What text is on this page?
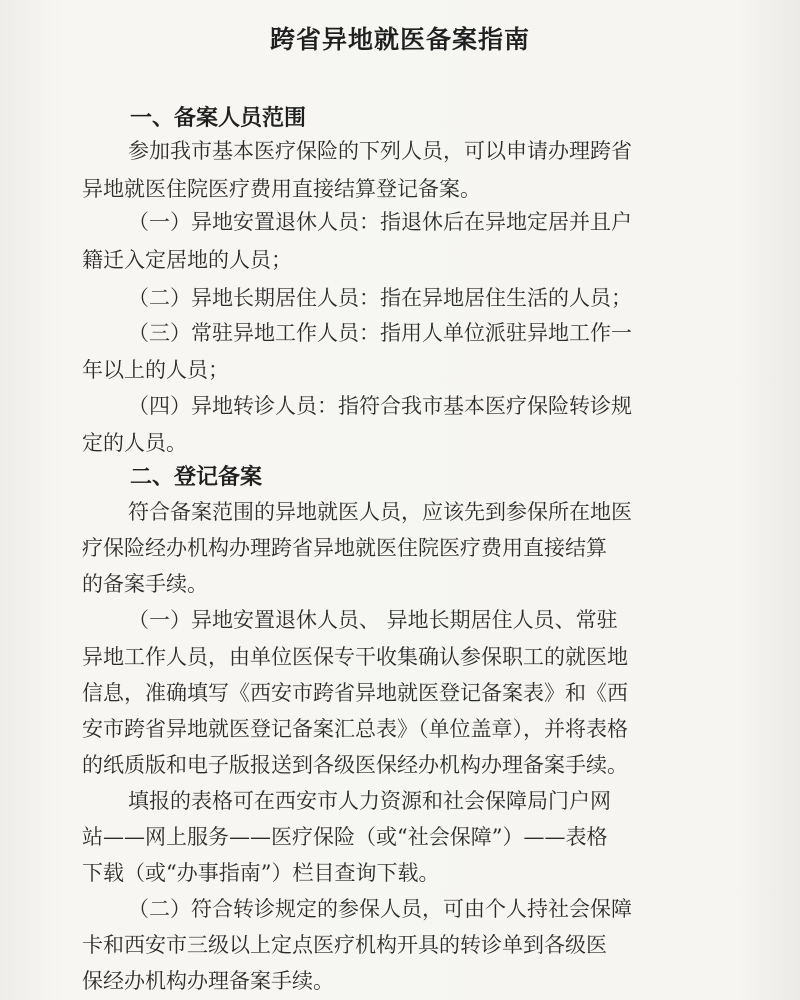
跨省异地就医备案指南
一、备案人员范围
参加我市基本医疗保险的下列人员，可以申请办理跨省
异地就医住院医疗费用直接结算登记备案。
（一）异地安置退休人员：指退休后在异地定居并且户
籍迁入定居地的人员；
（二）异地长期居住人员：指在异地居住生活的人员；
（三）常驻异地工作人员：指用人单位派驻异地工作一
年以上的人员；
（四）异地转诊人员：指符合我市基本医疗保险转诊规
定的人员。
二、登记备案
符合备案范围的异地就医人员，应该先到参保所在地医
疗保险经办机构办理跨省异地就医住院医疗费用直接结算
的备案手续。
（一）异地安置退休人员、 异地长期居住人员、常驻
异地工作人员，由单位医保专干收集确认参保职工的就医地
信息，准确填写《西安市跨省异地就医登记备案表》和《西
安市跨省异地就医登记备案汇总表》（单位盖章），并将表格
的纸质版和电子版报送到各级医保经办机构办理备案手续。
填报的表格可在西安市人力资源和社会保障局门户网
站——网上服务——医疗保险（或“社会保障”）——表格
下载（或“办事指南”）栏目查询下载。
（二）符合转诊规定的参保人员，可由个人持社会保障
卡和西安市三级以上定点医疗机构开具的转诊单到各级医
保经办机构办理备案手续。
